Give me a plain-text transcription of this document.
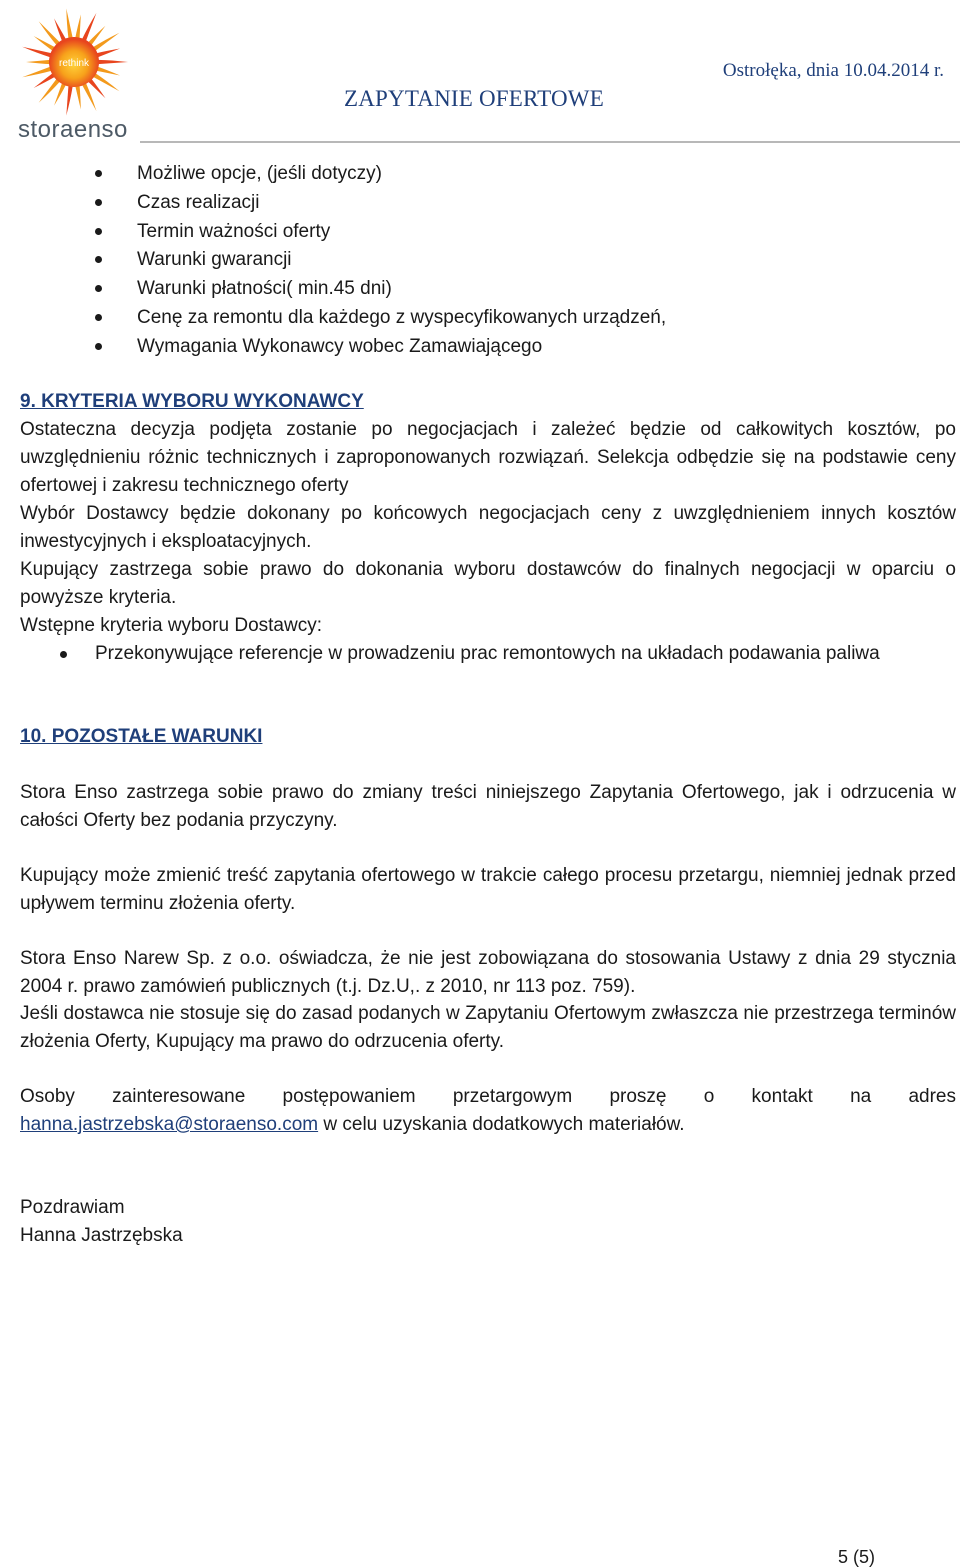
rethink
storaenso
ZAPYTANIE OFERTOWE
Ostrołęka, dnia 10.04.2014 r.
Możliwe opcje, (jeśli dotyczy)
Czas realizacji
Termin ważności oferty
Warunki gwarancji
Warunki płatności( min.45 dni)
Cenę za remontu dla każdego z wyspecyfikowanych urządzeń,
Wymagania Wykonawcy wobec Zamawiającego
9. KRYTERIA WYBORU WYKONAWCY
Ostateczna decyzja podjęta zostanie po negocjacjach i zależeć będzie od całkowitych kosztów, po uwzględnieniu różnic technicznych i zaproponowanych rozwiązań. Selekcja odbędzie się na podstawie ceny ofertowej i zakresu technicznego oferty
Wybór Dostawcy będzie dokonany po końcowych negocjacjach ceny z uwzględnieniem innych kosztów inwestycyjnych i eksploatacyjnych.
Kupujący zastrzega sobie prawo do dokonania wyboru dostawców do finalnych negocjacji w oparciu o powyższe kryteria.
Wstępne kryteria wyboru Dostawcy:
Przekonywujące referencje w prowadzeniu prac remontowych na układach podawania paliwa
10. POZOSTAŁE WARUNKI
Stora Enso zastrzega sobie prawo do zmiany treści niniejszego Zapytania Ofertowego, jak i odrzucenia w całości Oferty bez podania przyczyny.
Kupujący może zmienić treść zapytania ofertowego w trakcie całego procesu przetargu, niemniej jednak przed upływem terminu złożenia oferty.
Stora Enso Narew Sp. z o.o. oświadcza, że nie jest zobowiązana do stosowania Ustawy z dnia 29 stycznia 2004 r. prawo zamówień publicznych (t.j. Dz.U,. z 2010, nr 113 poz. 759).
Jeśli dostawca nie stosuje się do zasad podanych w Zapytaniu Ofertowym zwłaszcza nie przestrzega terminów złożenia Oferty, Kupujący ma prawo do odrzucenia oferty.
Osoby zainteresowane postępowaniem przetargowym proszę o kontakt na adres
hanna.jastrzebska@storaenso.com w celu uzyskania dodatkowych materiałów.
Pozdrawiam
Hanna Jastrzębska
5 (5)
